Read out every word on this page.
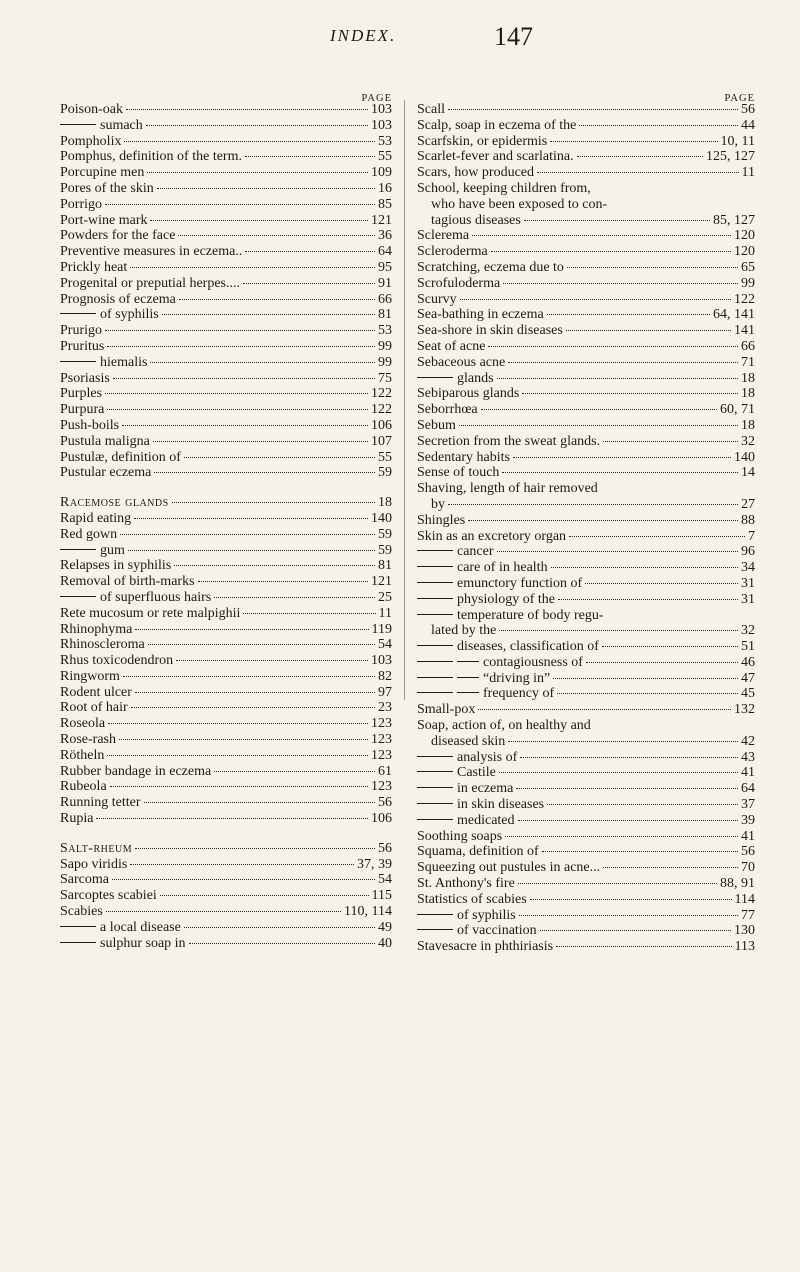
INDEX.	147
PAGE
Poison-oak	103
sumach	103
Pompholix	53
Pomphus, definition of the term.	55
Porcupine men	109
Pores of the skin	16
Porrigo	85
Port-wine mark	121
Powders for the face	36
Preventive measures in eczema..	64
Prickly heat	95
Progenital or preputial herpes....	91
Prognosis of eczema	66
of syphilis	81
Prurigo	53
Pruritus	99
hiemalis	99
Psoriasis	75
Purples	122
Purpura	122
Push-boils	106
Pustula maligna	107
Pustulæ, definition of	55
Pustular eczema	59
Racemose glands	18
Rapid eating	140
Red gown	59
gum	59
Relapses in syphilis	81
Removal of birth-marks	121
of superfluous hairs	25
Rete mucosum or rete malpighii	11
Rhinophyma	119
Rhinoscleroma	54
Rhus toxicodendron	103
Ringworm	82
Rodent ulcer	97
Root of hair	23
Roseola	123
Rose-rash	123
Rötheln	123
Rubber bandage in eczema	61
Rubeola	123
Running tetter	56
Rupia	106
Salt-rheum	56
Sapo viridis	37, 39
Sarcoma	54
Sarcoptes scabiei	115
Scabies	110, 114
a local disease	49
sulphur soap in	40
PAGE
Scall	56
Scalp, soap in eczema of the	44
Scarfskin, or epidermis	10, 11
Scarlet-fever and scarlatina.	125, 127
Scars, how produced	11
School, keeping children from,
who have been exposed to con-
tagious diseases	85, 127
Sclerema	120
Scleroderma	120
Scratching, eczema due to	65
Scrofuloderma	99
Scurvy	122
Sea-bathing in eczema	64, 141
Sea-shore in skin diseases	141
Seat of acne	66
Sebaceous acne	71
glands	18
Sebiparous glands	18
Seborrhœa	60, 71
Sebum	18
Secretion from the sweat glands.	32
Sedentary habits	140
Sense of touch	14
Shaving, length of hair removed
by	27
Shingles	88
Skin as an excretory organ	7
cancer	96
care of in health	34
emunctory function of	31
physiology of the	31
temperature of body regu-
lated by the	32
diseases, classification of	51
contagiousness of	46
“driving in”	47
frequency of	45
Small-pox	132
Soap, action of, on healthy and
diseased skin	42
analysis of	43
Castile	41
in eczema	64
in skin diseases	37
medicated	39
Soothing soaps	41
Squama, definition of	56
Squeezing out pustules in acne...	70
St. Anthony's fire	88, 91
Statistics of scabies	114
of syphilis	77
of vaccination	130
Stavesacre in phthiriasis	113
